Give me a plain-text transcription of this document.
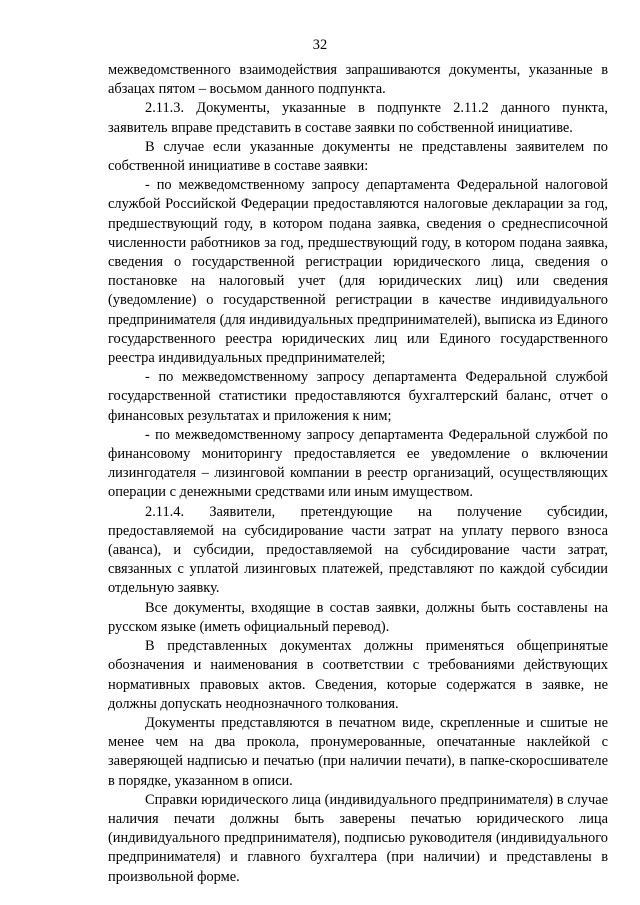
32

межведомственного взаимодействия запрашиваются документы, указанные в абзацах пятом – восьмом данного подпункта.

2.11.3. Документы, указанные в подпункте 2.11.2 данного пункта, заявитель вправе представить в составе заявки по собственной инициативе.

В случае если указанные документы не представлены заявителем по собственной инициативе в составе заявки:

- по межведомственному запросу департамента Федеральной налоговой службой Российской Федерации предоставляются налоговые декларации за год, предшествующий году, в котором подана заявка, сведения о среднесписочной численности работников за год, предшествующий году, в котором подана заявка, сведения о государственной регистрации юридического лица, сведения о постановке на налоговый учет (для юридических лиц) или сведения (уведомление) о государственной регистрации в качестве индивидуального предпринимателя (для индивидуальных предпринимателей), выписка из Единого государственного реестра юридических лиц или Единого государственного реестра индивидуальных предпринимателей;

- по межведомственному запросу департамента Федеральной службой государственной статистики предоставляются бухгалтерский баланс, отчет о финансовых результатах и приложения к ним;

- по межведомственному запросу департамента Федеральной службой по финансовому мониторингу предоставляется ее уведомление о включении лизингодателя – лизинговой компании в реестр организаций, осуществляющих операции с денежными средствами или иным имуществом.

2.11.4. Заявители, претендующие на получение субсидии, предоставляемой на субсидирование части затрат на уплату первого взноса (аванса), и субсидии, предоставляемой на субсидирование части затрат, связанных с уплатой лизинговых платежей, представляют по каждой субсидии отдельную заявку.

Все документы, входящие в состав заявки, должны быть составлены на русском языке (иметь официальный перевод).

В представленных документах должны применяться общепринятые обозначения и наименования в соответствии с требованиями действующих нормативных правовых актов. Сведения, которые содержатся в заявке, не должны допускать неоднозначного толкования.

Документы представляются в печатном виде, скрепленные и сшитые не менее чем на два прокола, пронумерованные, опечатанные наклейкой с заверяющей надписью и печатью (при наличии печати), в папке-скоросшивателе в порядке, указанном в описи.

Справки юридического лица (индивидуального предпринимателя) в случае наличия печати должны быть заверены печатью юридического лица (индивидуального предпринимателя), подписью руководителя (индивидуального предпринимателя) и главного бухгалтера (при наличии) и представлены в произвольной форме.
